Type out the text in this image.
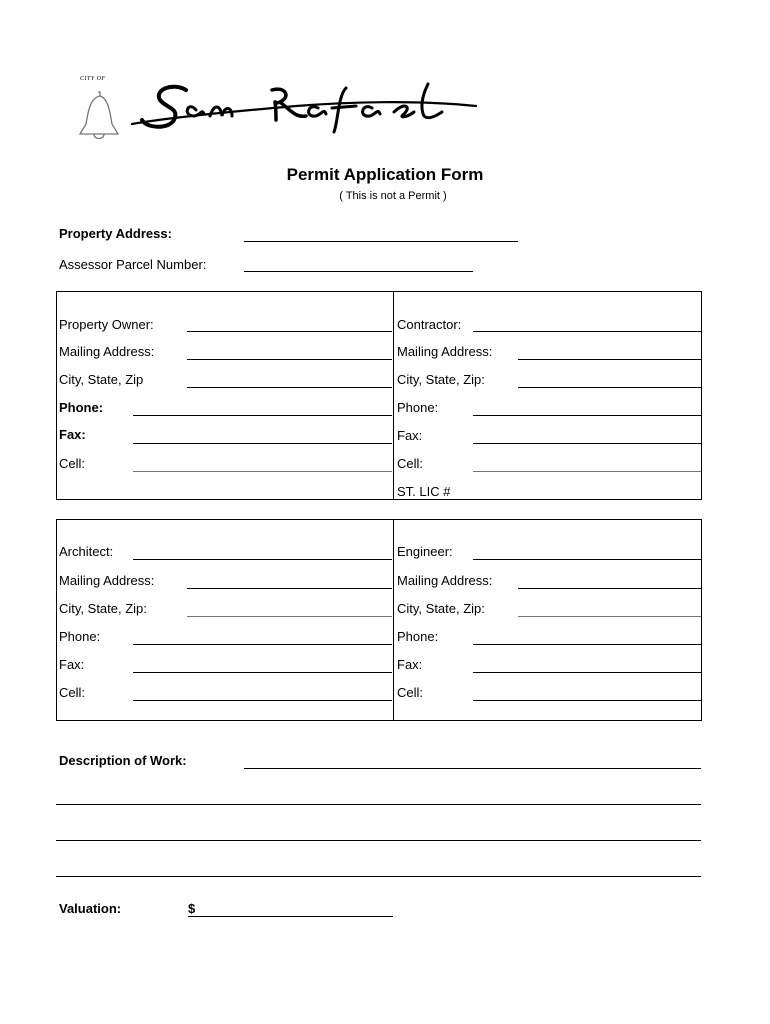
CITY OF
Permit Application Form
( This is not a Permit )
Property Address:
Assessor Parcel Number:
Property Owner:
Mailing Address:
City, State, Zip
Phone:
Fax:
Cell:
Contractor:
Mailing Address:
City, State, Zip:
Phone:
Fax:
Cell:
ST. LIC #
Architect:
Mailing Address:
City, State, Zip:
Phone:
Fax:
Cell:
Engineer:
Mailing Address:
City, State, Zip:
Phone:
Fax:
Cell:
Description of Work:
Valuation:	$
